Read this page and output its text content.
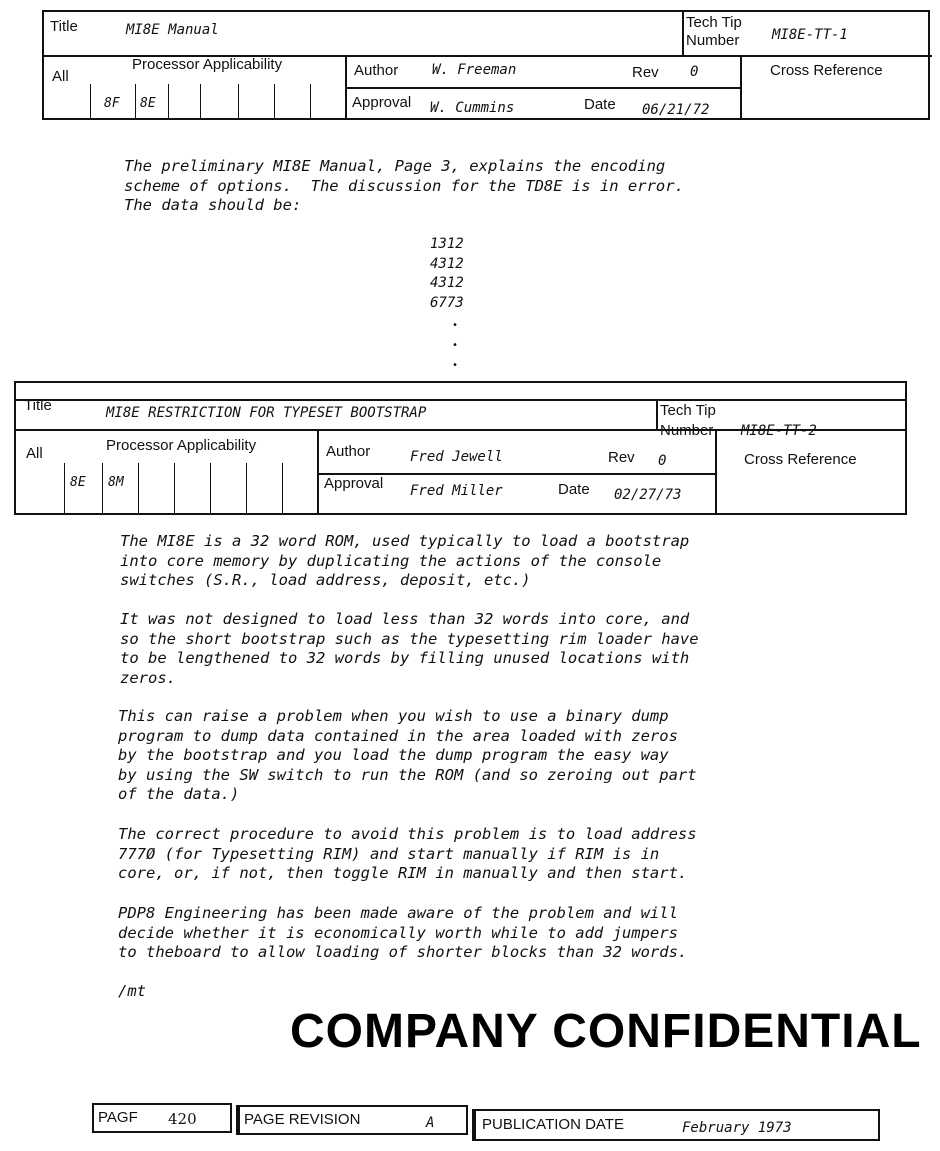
Title	MI8E Manual	Tech Tip
Number MI8E-TT-1
All
Processor Applicability
8F 8E
Author W. Freeman	Rev 0
Approval W. Cummins	Date 06/21/72
Cross Reference
The preliminary MI8E Manual, Page 3, explains the encoding
scheme of options.  The discussion for the TD8E is in error.
The data should be:
1312
4312
4312
6773
•
•
•
Title	MI8E RESTRICTION FOR TYPESET BOOTSTRAP	Tech Tip
Number MI8E-TT-2
All	Processor Applicability
8E 8M
Author	Fred Jewell	Rev 0
Approval Fred Miller	Date 02/27/73
Cross Reference
The MI8E is a 32 word ROM, used typically to load a bootstrap
into core memory by duplicating the actions of the console
switches (S.R., load address, deposit, etc.)
It was not designed to load less than 32 words into core, and
so the short bootstrap such as the typesetting rim loader have
to be lengthened to 32 words by filling unused locations with
zeros.
This can raise a problem when you wish to use a binary dump
program to dump data contained in the area loaded with zeros
by the bootstrap and you load the dump program the easy way
by using the SW switch to run the ROM (and so zeroing out part
of the data.)
The correct procedure to avoid this problem is to load address
777Ø (for Typesetting RIM) and start manually if RIM is in
core, or, if not, then toggle RIM in manually and then start.
PDP8 Engineering has been made aware of the problem and will
decide whether it is economically worth while to add jumpers
to theboard to allow loading of shorter blocks than 32 words.
/mt
COMPANY CONFIDENTIAL
PAGF 420	PAGE REVISION	A	PUBLICATION DATE	February 1973
